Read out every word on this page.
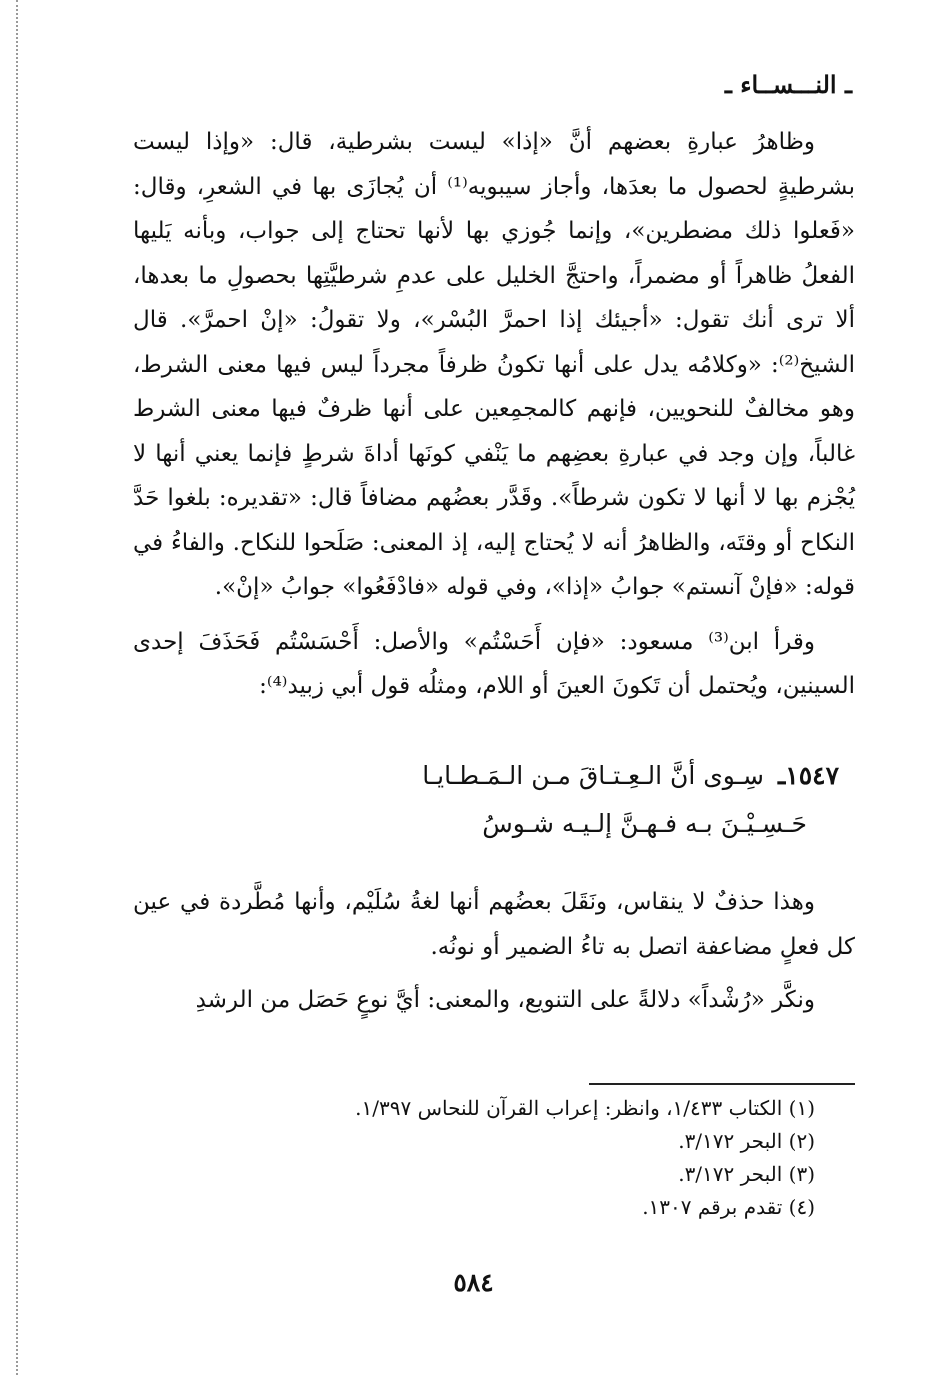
ـ النـــســاء ـ

وظاهرُ عبارةِ بعضهم أنَّ «إذا» ليست بشرطية، قال: «وإذا ليست بشرطيةٍ لحصول ما بعدَها، وأجاز سيبويه⁽¹⁾ أن يُجازَى بها في الشعرِ، وقال: «فَعلوا ذلك مضطرين»، وإنما جُوزي بها لأنها تحتاج إلى جواب، وبأنه يَليها الفعلُ ظاهراً أو مضمراً، واحتجَّ الخليل على عدمِ شرطيَّتِها بحصولِ ما بعدها، ألا ترى أنك تقول: «أجيئك إذا احمرَّ البُسْر»، ولا تقولُ: «إنْ احمرَّ». قال الشيخ⁽²⁾: «وكلامُه يدل على أنها تكونُ ظرفاً مجرداً ليس فيها معنى الشرط، وهو مخالفٌ للنحويين، فإنهم كالمجمِعين على أنها ظرفٌ فيها معنى الشرط غالباً، وإن وجد في عبارةِ بعضِهم ما يَنْفي كونَها أداةَ شرطٍ فإنما يعني أنها لا يُجْزم بها لا أنها لا تكون شرطاً». وقَدَّر بعضُهم مضافاً قال: «تقديره: بلغوا حَدَّ النكاح أو وقتَه، والظاهرُ أنه لا يُحتاج إليه، إذ المعنى: صَلَحوا للنكاح. والفاءُ في قوله: «فإنْ آنستم» جوابُ «إذا»، وفي قوله «فادْفَعُوا» جوابُ «إنْ».

وقرأ ابن⁽³⁾ مسعود: «فإن أَحَسْتُم» والأصل: أَحْسَسْتُم فَحَذَفَ إحدى السينين، ويُحتمل أن تَكونَ العينَ أو اللام، ومثلُه قول أبي زبيد⁽⁴⁾:

١٥٤٧ـ سِـوى أنَّ الـعِـتـاقَ مـن الـمَـطـايـا
حَـسِـيْـنَ بـه فـهـنَّ إلـيـه شـوسُ

وهذا حذفٌ لا ينقاس، ونَقَلَ بعضُهم أنها لغةُ سُلَيْم، وأنها مُطَّردة في عين كل فعلٍ مضاعفة اتصل به تاءُ الضمير أو نونُه.

ونكَّر «رُشْداً» دلالةً على التنويع، والمعنى: أيَّ نوعٍ حَصَل من الرشدِ

(١) الكتاب ١/٤٣٣، وانظر: إعراب القرآن للنحاس ١/٣٩٧.
(٢) البحر ٣/١٧٢.
(٣) البحر ٣/١٧٢.
(٤) تقدم برقم ١٣٠٧.
٥٨٤
